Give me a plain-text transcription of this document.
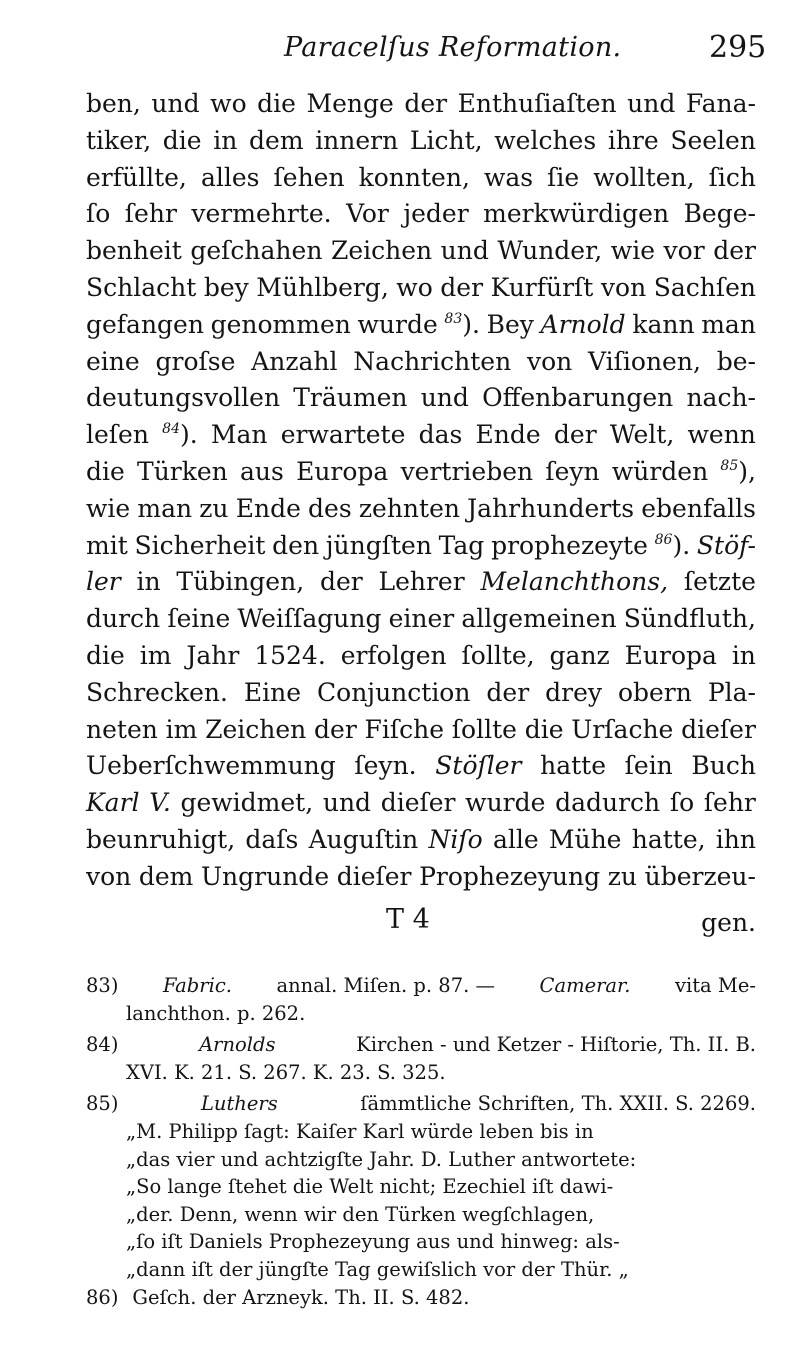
Paracelſus Reformation.	295
ben, und wo die Menge der Enthuſiaſten und Fana-
tiker, die in dem innern Licht, welches ihre Seelen
erfüllte, alles ſehen konnten, was ſie wollten, ſich
ſo ſehr vermehrte. Vor jeder merkwürdigen Bege-
benheit geſchahen Zeichen und Wunder, wie vor der
Schlacht bey Mühlberg, wo der Kurfürſt von Sachſen
gefangen genommen wurde $^{83}$). Bey Arnold kann man
eine groſse Anzahl Nachrichten von Viſionen, be-
deutungsvollen Träumen und Offenbarungen nach-
leſen $^{84}$). Man erwartete das Ende der Welt, wenn
die Türken aus Europa vertrieben ſeyn würden $^{85}$),
wie man zu Ende des zehnten Jahrhunderts ebenfalls
mit Sicherheit den jüngſten Tag prophezeyte $^{86}$). Stöf-
ler in Tübingen, der Lehrer Melanchthons, ſetzte
durch ſeine Weiſſagung einer allgemeinen Sündfluth,
die im Jahr 1524. erfolgen ſollte, ganz Europa in
Schrecken. Eine Conjunction der drey obern Pla-
neten im Zeichen der Fiſche ſollte die Urſache dieſer
Ueberſchwemmung ſeyn. Stöſler hatte ſein Buch
Karl V. gewidmet, und dieſer wurde dadurch ſo ſehr
beunruhigt, daſs Auguſtin Niſo alle Mühe hatte, ihn
von dem Ungrunde dieſer Prophezeyung zu überzeu-
T 4	gen.
83) Fabric. annal. Miſen. p. 87. — Camerar. vita Me-
lanchthon. p. 262.
84)	Arnolds	Kirchen - und Ketzer - Hiſtorie, Th. II. B.
XVI. K. 21. S. 267. K. 23. S. 325.
85)	Luthers	ſämmtliche Schriften, Th. XXII. S. 2269.
„M. Philipp ſagt: Kaiſer Karl würde leben bis in
„das vier und achtzigſte Jahr. D. Luther antwortete:
„So lange ſtehet die Welt nicht; Ezechiel iſt dawi-
„der. Denn, wenn wir den Türken wegſchlagen,
„ſo iſt Daniels Prophezeyung aus und hinweg: als-
„dann iſt der jüngſte Tag gewiſslich vor der Thür. „
86) Geſch. der Arzneyk. Th. II. S. 482.
